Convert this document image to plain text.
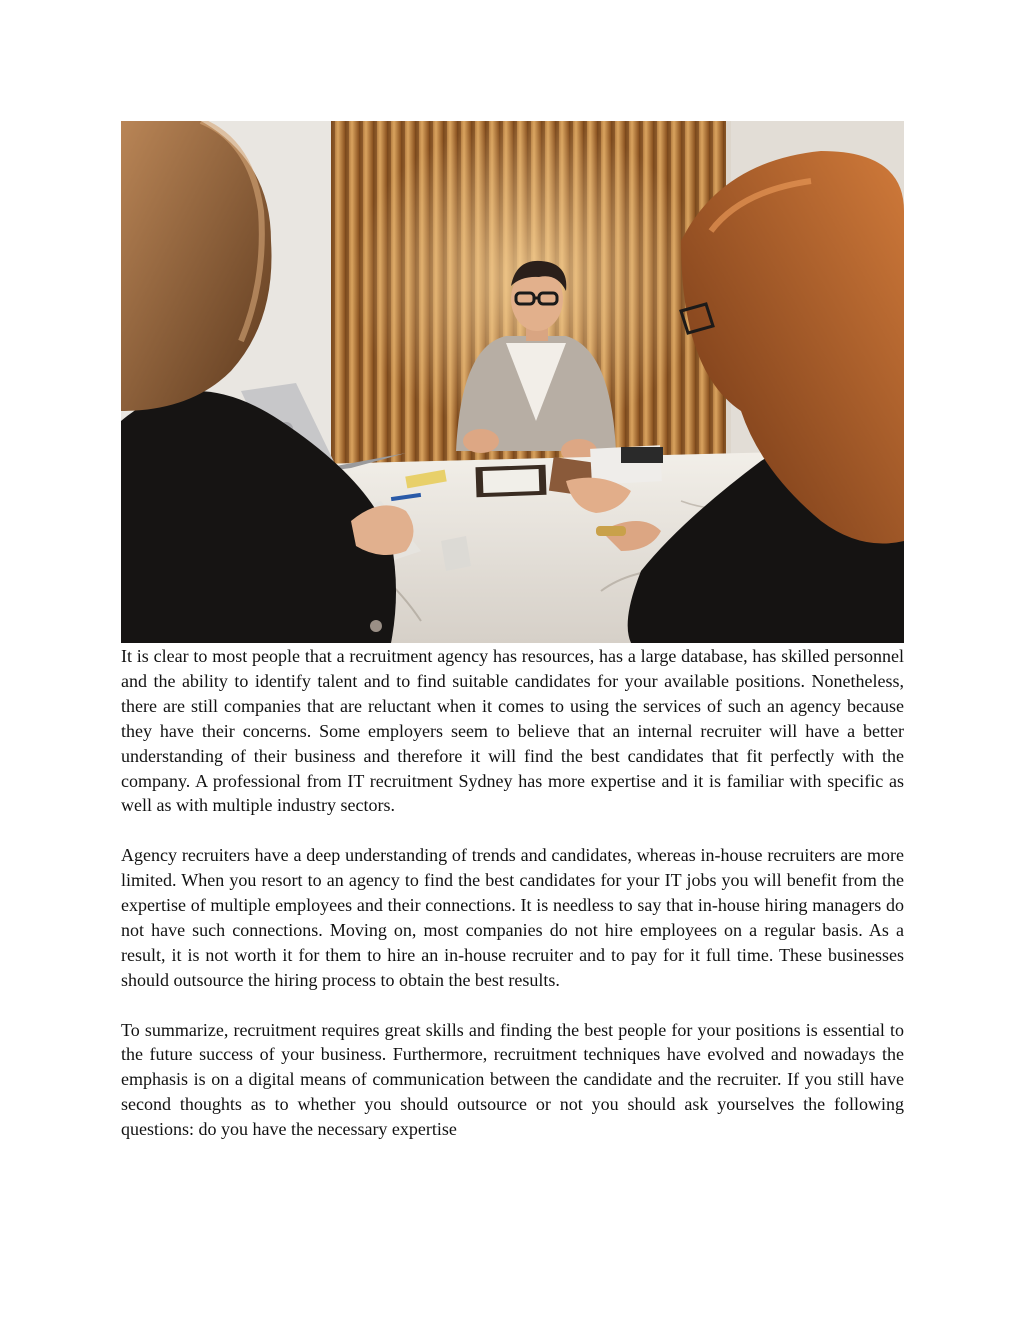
It is clear to most people that a recruitment agency has resources, has a large database, has skilled personnel and the ability to identify talent and to find suitable candidates for your available positions. Nonetheless, there are still companies that are reluctant when it comes to using the services of such an agency because they have their concerns. Some employers seem to believe that an internal recruiter will have a better understanding of their business and therefore it will find the best candidates that fit perfectly with the company. A professional from IT recruitment Sydney has more expertise and it is familiar with specific as well as with multiple industry sectors.

Agency recruiters have a deep understanding of trends and candidates, whereas in-house recruiters are more limited. When you resort to an agency to find the best candidates for your IT jobs you will benefit from the expertise of multiple employees and their connections. It is needless to say that in-house hiring managers do not have such connections. Moving on, most companies do not hire employees on a regular basis. As a result, it is not worth it for them to hire an in-house recruiter and to pay for it full time. These businesses should outsource the hiring process to obtain the best results.

To summarize, recruitment requires great skills and finding the best people for your positions is essential to the future success of your business. Furthermore, recruitment techniques have evolved and nowadays the emphasis is on a digital means of communication between the candidate and the recruiter. If you still have second thoughts as to whether you should outsource or not you should ask yourselves the following questions: do you have the necessary expertise
